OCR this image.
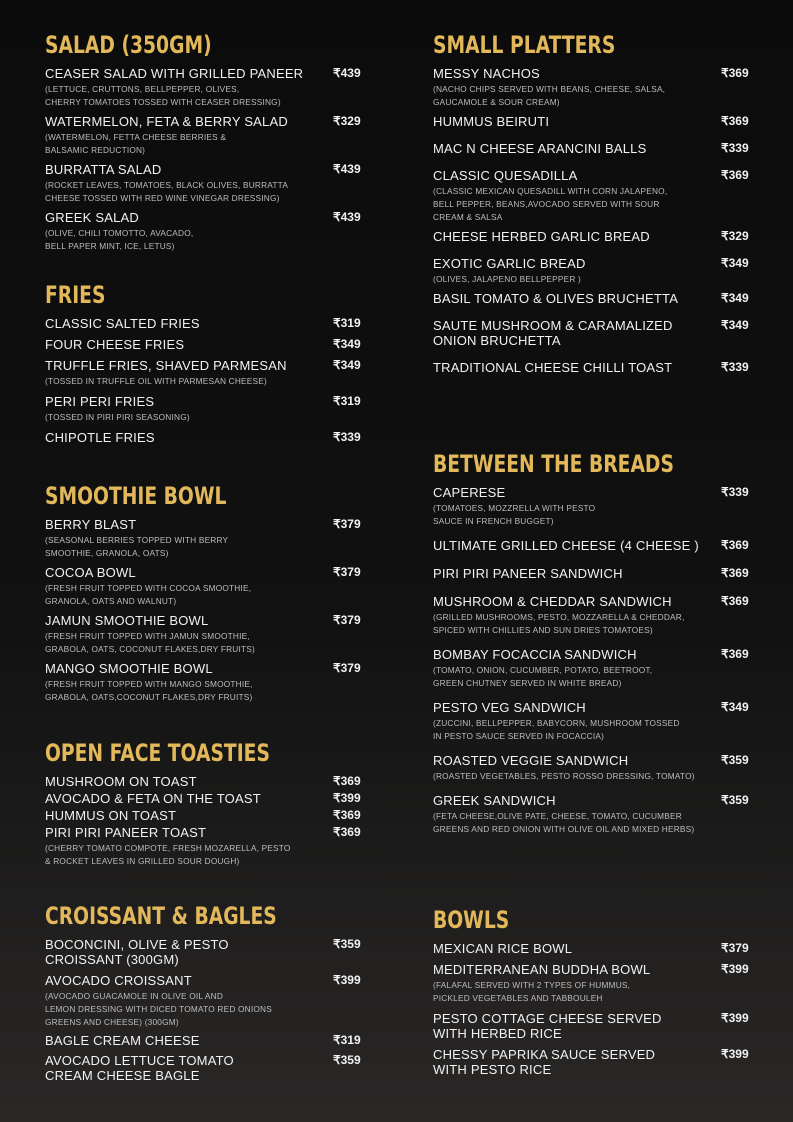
SALAD (350GM)
CEASER SALAD WITH GRILLED PANEER ₹439
(LETTUCE, CRUTTONS, BELLPEPPER, OLIVES,
CHERRY TOMATOES TOSSED WITH CEASER DRESSING)
WATERMELON, FETA & BERRY SALAD	₹329
(WATERMELON, FETTA CHEESE BERRIES &
BALSAMIC REDUCTION)
BURRATTA SALAD	₹439
(ROCKET LEAVES, TOMATOES, BLACK OLIVES, BURRATTA
CHEESE TOSSED WITH RED WINE VINEGAR DRESSING)
GREEK SALAD	₹439
(OLIVE, CHILI TOMOTTO, AVACADO,
BELL PAPER MINT, ICE, LETUS)
FRIES
CLASSIC SALTED FRIES	₹319
FOUR CHEESE FRIES	₹349
TRUFFLE FRIES, SHAVED PARMESAN	₹349
(TOSSED IN TRUFFLE OIL WITH PARMESAN CHEESE)
PERI PERI FRIES	₹319
(TOSSED IN PIRI PIRI SEASONING)
CHIPOTLE FRIES	₹339
SMOOTHIE BOWL
BERRY BLAST	₹379
(SEASONAL BERRIES TOPPED WITH BERRY
SMOOTHIE, GRANOLA, OATS)
COCOA BOWL	₹379
(FRESH FRUIT TOPPED WITH COCOA SMOOTHIE,
GRANOLA, OATS AND WALNUT)
JAMUN SMOOTHIE BOWL	₹379
(FRESH FRUIT TOPPED WITH JAMUN SMOOTHIE,
GRABOLA, OATS, COCONUT FLAKES,DRY FRUITS)
MANGO SMOOTHIE BOWL	₹379
(FRESH FRUIT TOPPED WITH MANGO SMOOTHIE,
GRABOLA, OATS,COCONUT FLAKES,DRY FRUITS)
OPEN FACE TOASTIES
MUSHROOM ON TOAST	₹369
AVOCADO & FETA ON THE TOAST	₹399
HUMMUS ON TOAST	₹369
PIRI PIRI PANEER TOAST	₹369
(CHERRY TOMATO COMPOTE, FRESH MOZARELLA, PESTO
& ROCKET LEAVES IN GRILLED SOUR DOUGH)
CROISSANT & BAGLES
BOCONCINI, OLIVE & PESTO
CROISSANT (300GM)
₹359
AVOCADO CROISSANT	₹399
(AVOCADO GUACAMOLE IN OLIVE OIL AND
LEMON DRESSING WITH DICED TOMATO RED ONIONS
GREENS AND CHEESE) (300GM)
BAGLE CREAM CHEESE	₹319
AVOCADO LETTUCE TOMATO
CREAM CHEESE BAGLE
₹359
SMALL PLATTERS
MESSY NACHOS	₹369
(NACHO CHIPS SERVED WITH BEANS, CHEESE, SALSA,
GAUCAMOLE & SOUR CREAM)
HUMMUS BEIRUTI	₹369
MAC N CHEESE ARANCINI BALLS	₹339
CLASSIC QUESADILLA	₹369
(CLASSIC MEXICAN QUESADILL WITH CORN JALAPENO,
BELL PEPPER, BEANS,AVOCADO SERVED WITH SOUR
CREAM & SALSA
CHEESE HERBED GARLIC BREAD	₹329
EXOTIC GARLIC BREAD	₹349
(OLIVES, JALAPENO BELLPEPPER )
BASIL TOMATO & OLIVES BRUCHETTA	₹349
SAUTE MUSHROOM & CARAMALIZED
ONION BRUCHETTA
₹349
TRADITIONAL CHEESE CHILLI TOAST	₹339
BETWEEN THE BREADS
CAPERESE	₹339
(TOMATOES, MOZZRELLA WITH PESTO
SAUCE IN FRENCH BUGGET)
ULTIMATE GRILLED CHEESE (4 CHEESE ) ₹369
PIRI PIRI PANEER SANDWICH	₹369
MUSHROOM & CHEDDAR SANDWICH	₹369
(GRILLED MUSHROOMS, PESTO, MOZZARELLA & CHEDDAR,
SPICED WITH CHILLIES AND SUN DRIES TOMATOES)
BOMBAY FOCACCIA SANDWICH	₹369
(TOMATO, ONION, CUCUMBER, POTATO, BEETROOT,
GREEN CHUTNEY SERVED IN WHITE BREAD)
PESTO VEG SANDWICH	₹349
(ZUCCINI, BELLPEPPER, BABYCORN, MUSHROOM TOSSED
IN PESTO SAUCE SERVED IN FOCACCIA)
ROASTED VEGGIE SANDWICH	₹359
(ROASTED VEGETABLES, PESTO ROSSO DRESSING, TOMATO)
GREEK SANDWICH	₹359
(FETA CHEESE,OLIVE PATE, CHEESE, TOMATO, CUCUMBER
GREENS AND RED ONION WITH OLIVE OIL AND MIXED HERBS)
BOWLS
MEXICAN RICE BOWL	₹379
MEDITERRANEAN BUDDHA BOWL	₹399
(FALAFAL SERVED WITH 2 TYPES OF HUMMUS,
PICKLED VEGETABLES AND TABBOULEH
PESTO COTTAGE CHEESE SERVED
WITH HERBED RICE
₹399
CHESSY PAPRIKA SAUCE SERVED
WITH PESTO RICE
₹399
